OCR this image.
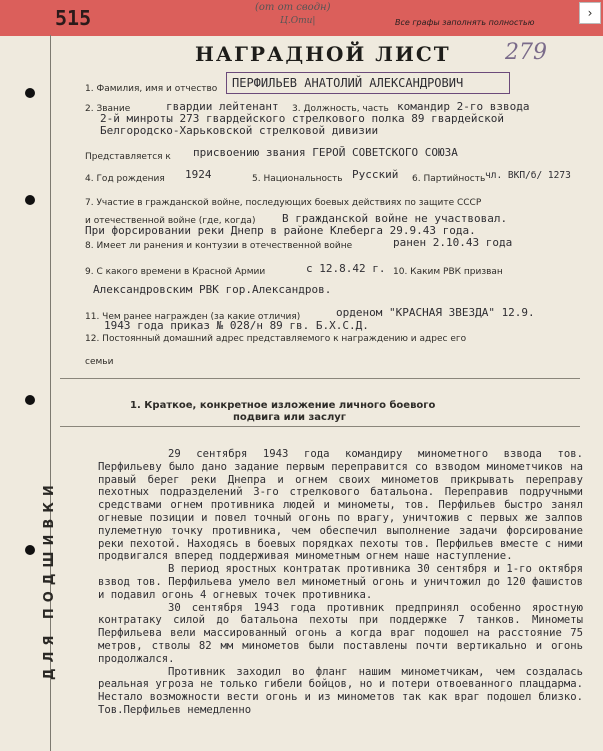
515	(от от сводн)
Ц.Оти|	Все графы заполнять полностью
›
279
ДЛЯ ПОДШИВКИ
НАГРАДНОЙ ЛИСТ
1. Фамилия, имя и отчество ПЕРФИЛЬЕВ АНАТОЛИЙ АЛЕКСАНДРОВИЧ
2. Звание	гвардии лейтенант 3. Должность, часть командир 2-го взвода
2-й минроты 273 гвардейского стрелкового полка 89 гвардейской
Белгородско-Харьковской стрелковой дивизии
Представляется к присвоению звания ГЕРОЙ СОВЕТСКОГО СОЮЗА
4. Год рождения 1924	5. Национальность Русский 6. Партийность чл. ВКП/б/ 1273
7. Участие в гражданской войне, последующих боевых действиях по защите СССР
и отечественной войне (где, когда) В гражданской войне не участвовал.
При форсировании реки Днепр в районе Клеберга 29.9.43 года.
8. Имеет ли ранения и контузии в отечественной войне	ранен 2.10.43 года
9. С какого времени в Красной Армии	с 12.8.42 г. 10. Каким РВК призван
Александровским РВК гор.Александров.
11. Чем ранее награжден (за какие отличия)	орденом "КРАСНАЯ ЗВЕЗДА" 12.9.
1943 года приказ № 028/н 89 гв. Б.Х.С.Д.
12. Постоянный домашний адрес представляемого к награждению и адрес его
семьи
1. Краткое, конкретное изложение личного боевого
подвига или заслуг

29 сентября 1943 года командиру минометного взвода тов. Перфильеву было дано задание первым переправится со взводом минометчиков на правый берег реки Днепра и огнем своих минометов прикрывать переправу пехотных подразделений 3-го стрелкового батальона. Переправив подручными средствами огнем противника людей и минометы, тов. Перфильев быстро занял огневые позиции и повел точный огонь по врагу, уничтожив с первых же залпов пулеметную точку противника, чем обеспечил выполнение задачи форсирование реки пехотой. Находясь в боевых порядках пехоты тов. Перфильев вместе с ними продвигался вперед поддерживая минометным огнем наше наступление.

В период яростных контратак противника 30 сентября и 1-го октября взвод тов. Перфильева умело вел минометный огонь и уничтожил до 120 фашистов и подавил огонь 4 огневых точек противника.

30 сентября 1943 года противник предпринял особенно яростную контратаку силой до батальона пехоты при поддержке 7 танков. Минометы Перфильева вели массированный огонь а когда враг подошел на расстояние 75 метров, стволы 82 мм минометов были поставлены почти вертикально и огонь продолжался.

Противник заходил во фланг нашим минометчикам, чем создалась реальная угроза не только гибели бойцов, но и потери отвоеванного плацдарма. Нестало возможности вести огонь и из минометов так как враг подошел близко. Тов.Перфильев немедленно
